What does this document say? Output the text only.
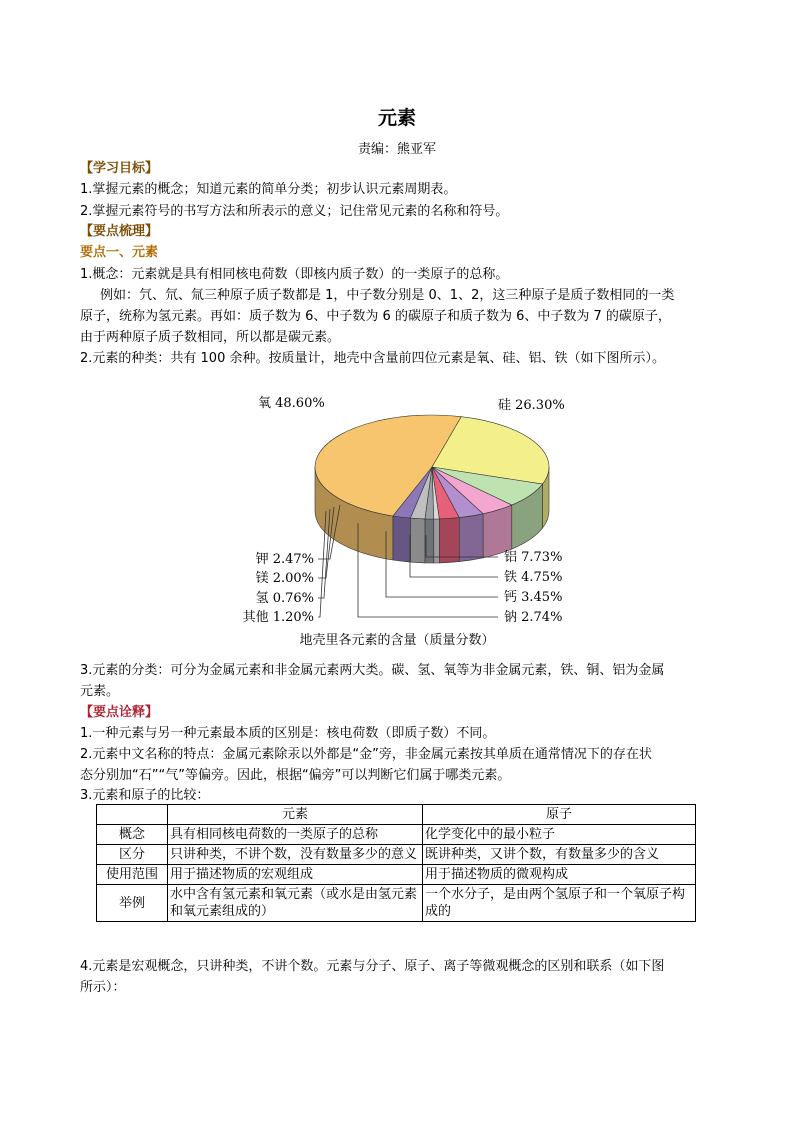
元素
责编：熊亚军
【学习目标】
1.掌握元素的概念；知道元素的简单分类；初步认识元素周期表。
2.掌握元素符号的书写方法和所表示的意义；记住常见元素的名称和符号。
【要点梳理】
要点一、元素
1.概念：元素就是具有相同核电荷数（即核内质子数）的一类原子的总称。
例如：氕、氘、氚三种原子质子数都是 1，中子数分别是 0、1、2，这三种原子是质子数相同的一类
原子，统称为氢元素。再如：质子数为 6、中子数为 6 的碳原子和质子数为 6、中子数为 7 的碳原子，
由于两种原子质子数相同，所以都是碳元素。
2.元素的种类：共有 100 余种。按质量计，地壳中含量前四位元素是氧、硅、铝、铁（如下图所示）。
氧 48.60%	硅 26.30%
铝 7.73%
铁 4.75%
钙 3.45%
钠 2.74%
钾 2.47%
镁 2.00%
氢 0.76%
其他 1.20%
地壳里各元素的含量（质量分数）
3.元素的分类：可分为金属元素和非金属元素两大类。碳、氢、氧等为非金属元素，铁、铜、铝为金属
元素。
【要点诠释】
1.一种元素与另一种元素最本质的区别是：核电荷数（即质子数）不同。
2.元素中文名称的特点：金属元素除汞以外都是“金”旁，非金属元素按其单质在通常情况下的存在状
态分别加“石”“气”等偏旁。因此，根据“偏旁”可以判断它们属于哪类元素。
3.元素和原子的比较：
	元素	原子
概念	具有相同核电荷数的一类原子的总称	化学变化中的最小粒子
区分	只讲种类，不讲个数，没有数量多少的意义	既讲种类，又讲个数，有数量多少的含义
使用范围	用于描述物质的宏观组成	用于描述物质的微观构成
举例	水中含有氢元素和氧元素（或水是由氢元素和氧元素组成的）	一个水分子，是由两个氢原子和一个氧原子构成的
4.元素是宏观概念，只讲种类，不讲个数。元素与分子、原子、离子等微观概念的区别和联系（如下图
所示）：
